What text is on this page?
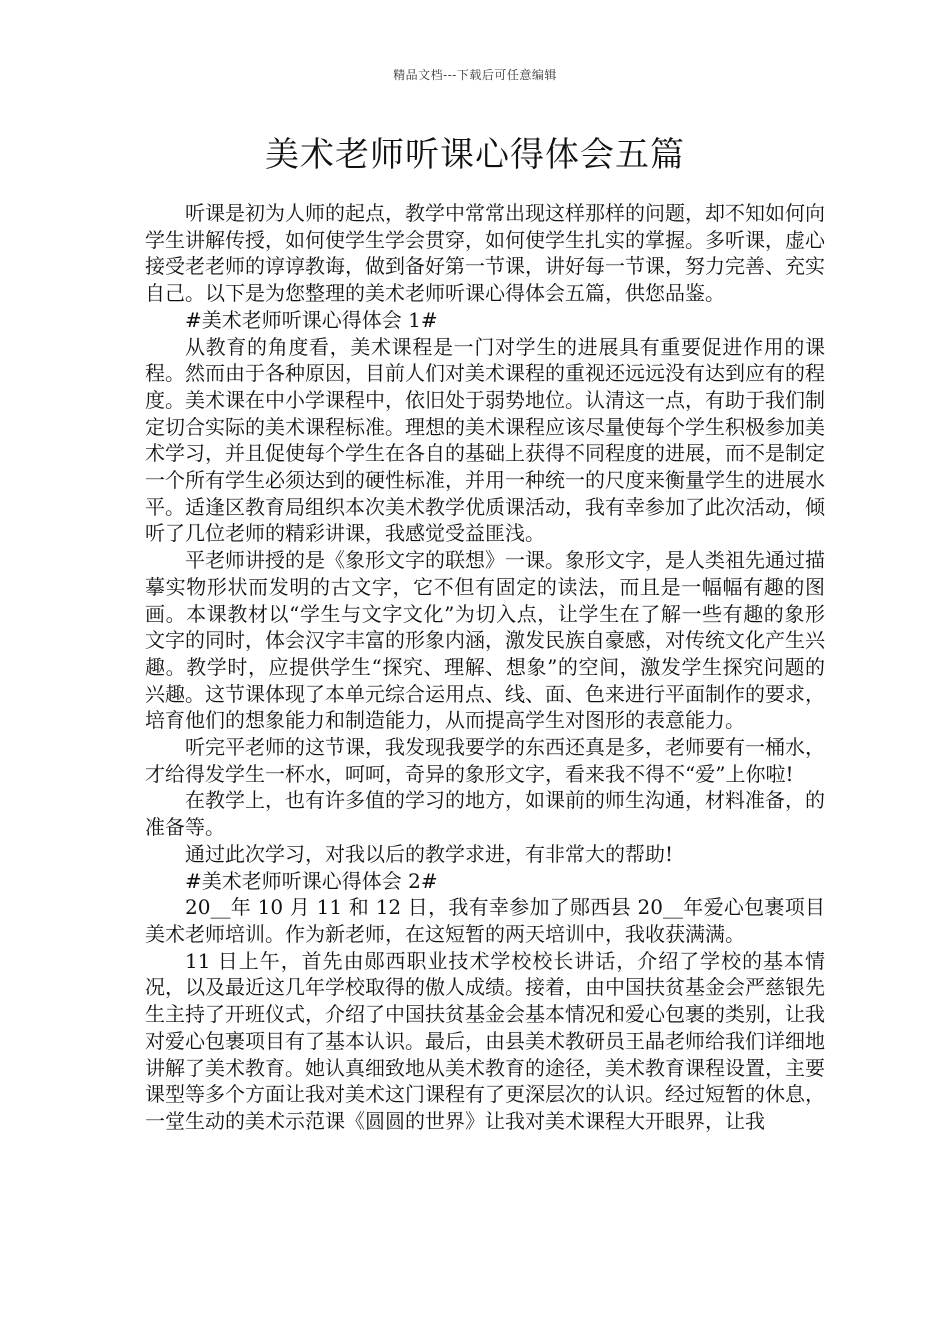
精品文档---下载后可任意编辑
美术老师听课心得体会五篇

听课是初为人师的起点，教学中常常出现这样那样的问题，却不知如何向学生讲解传授，如何使学生学会贯穿，如何使学生扎实的掌握。多听课，虚心接受老老师的谆谆教诲，做到备好第一节课，讲好每一节课，努力完善、充实自己。以下是为您整理的美术老师听课心得体会五篇，供您品鉴。

#美术老师听课心得体会 1#

从教育的角度看，美术课程是一门对学生的进展具有重要促进作用的课程。然而由于各种原因，目前人们对美术课程的重视还远远没有达到应有的程度。美术课在中小学课程中，依旧处于弱势地位。认清这一点，有助于我们制定切合实际的美术课程标准。理想的美术课程应该尽量使每个学生积极参加美术学习，并且促使每个学生在各自的基础上获得不同程度的进展，而不是制定一个所有学生必须达到的硬性标准，并用一种统一的尺度来衡量学生的进展水平。适逢区教育局组织本次美术教学优质课活动，我有幸参加了此次活动，倾听了几位老师的精彩讲课，我感觉受益匪浅。

平老师讲授的是《象形文字的联想》一课。象形文字，是人类祖先通过描摹实物形状而发明的古文字，它不但有固定的读法，而且是一幅幅有趣的图画。本课教材以“学生与文字文化”为切入点，让学生在了解一些有趣的象形文字的同时，体会汉字丰富的形象内涵，激发民族自豪感，对传统文化产生兴趣。教学时，应提供学生“探究、理解、想象”的空间，激发学生探究问题的兴趣。这节课体现了本单元综合运用点、线、面、色来进行平面制作的要求，培育他们的想象能力和制造能力，从而提高学生对图形的表意能力。

听完平老师的这节课，我发现我要学的东西还真是多，老师要有一桶水，才给得发学生一杯水，呵呵，奇异的象形文字，看来我不得不“爱”上你啦!

在教学上，也有许多值的学习的地方，如课前的师生沟通，材料准备，的准备等。

通过此次学习，对我以后的教学求进，有非常大的帮助!

#美术老师听课心得体会 2#

20__年 10 月 11 和 12 日，我有幸参加了郧西县 20__年爱心包裹项目美术老师培训。作为新老师，在这短暂的两天培训中，我收获满满。

11 日上午，首先由郧西职业技术学校校长讲话，介绍了学校的基本情况，以及最近这几年学校取得的傲人成绩。接着，由中国扶贫基金会严慈银先生主持了开班仪式，介绍了中国扶贫基金会基本情况和爱心包裹的类别，让我对爱心包裹项目有了基本认识。最后，由县美术教研员王晶老师给我们详细地讲解了美术教育。她认真细致地从美术教育的途径，美术教育课程设置，主要课型等多个方面让我对美术这门课程有了更深层次的认识。经过短暂的休息，一堂生动的美术示范课《圆圆的世界》让我对美术课程大开眼界，让我
